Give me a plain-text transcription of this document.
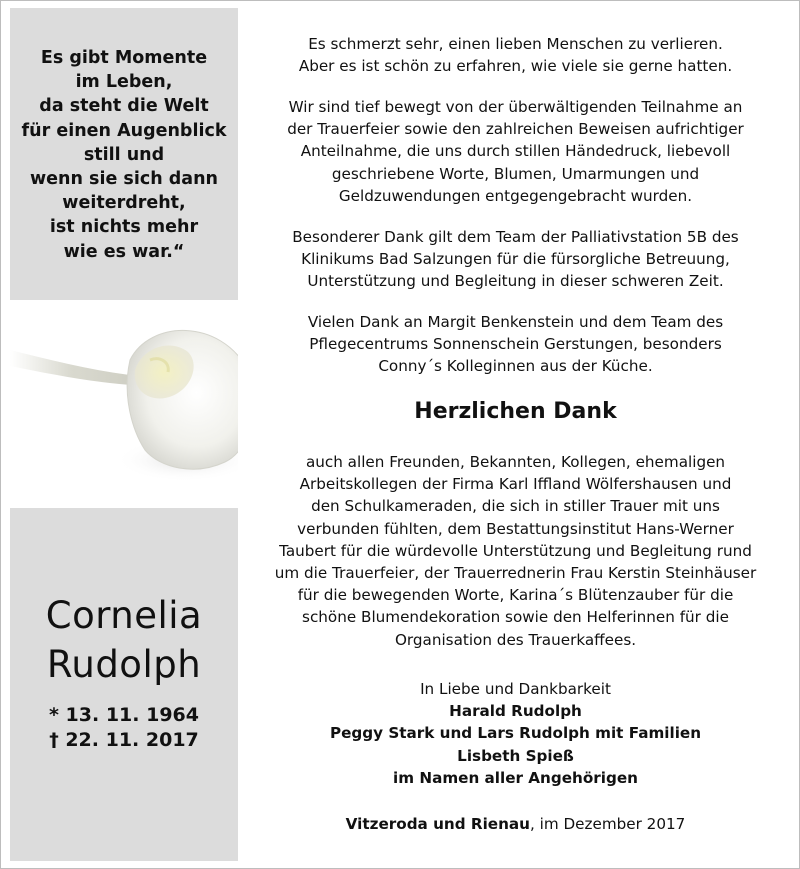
Es gibt Momente
im Leben,
da steht die Welt
für einen Augenblick
still und
wenn sie sich dann
weiterdreht,
ist nichts mehr
wie es war.“
Cornelia
Rudolph
* 13. 11. 1964
† 22. 11. 2017
Es schmerzt sehr, einen lieben Menschen zu verlieren.
Aber es ist schön zu erfahren, wie viele sie gerne hatten.
Wir sind tief bewegt von der überwältigenden Teilnahme an
der Trauerfeier sowie den zahlreichen Beweisen aufrichtiger
Anteilnahme, die uns durch stillen Händedruck, liebevoll
geschriebene Worte, Blumen, Umarmungen und
Geldzuwendungen entgegengebracht wurden.
Besonderer Dank gilt dem Team der Palliativstation 5B des
Klinikums Bad Salzungen für die fürsorgliche Betreuung,
Unterstützung und Begleitung in dieser schweren Zeit.
Vielen Dank an Margit Benkenstein und dem Team des
Pflegecentrums Sonnenschein Gerstungen, besonders
Conny´s Kolleginnen aus der Küche.
Herzlichen Dank
auch allen Freunden, Bekannten, Kollegen, ehemaligen
Arbeitskollegen der Firma Karl Iffland Wölfershausen und
den Schulkameraden, die sich in stiller Trauer mit uns
verbunden fühlten, dem Bestattungsinstitut Hans-Werner
Taubert für die würdevolle Unterstützung und Begleitung rund
um die Trauerfeier, der Trauerrednerin Frau Kerstin Steinhäuser
für die bewegenden Worte, Karina´s Blütenzauber für die
schöne Blumendekoration sowie den Helferinnen für die
Organisation des Trauerkaffees.
In Liebe und Dankbarkeit
Harald Rudolph
Peggy Stark und Lars Rudolph mit Familien
Lisbeth Spieß
im Namen aller Angehörigen
Vitzeroda und Rienau, im Dezember 2017
